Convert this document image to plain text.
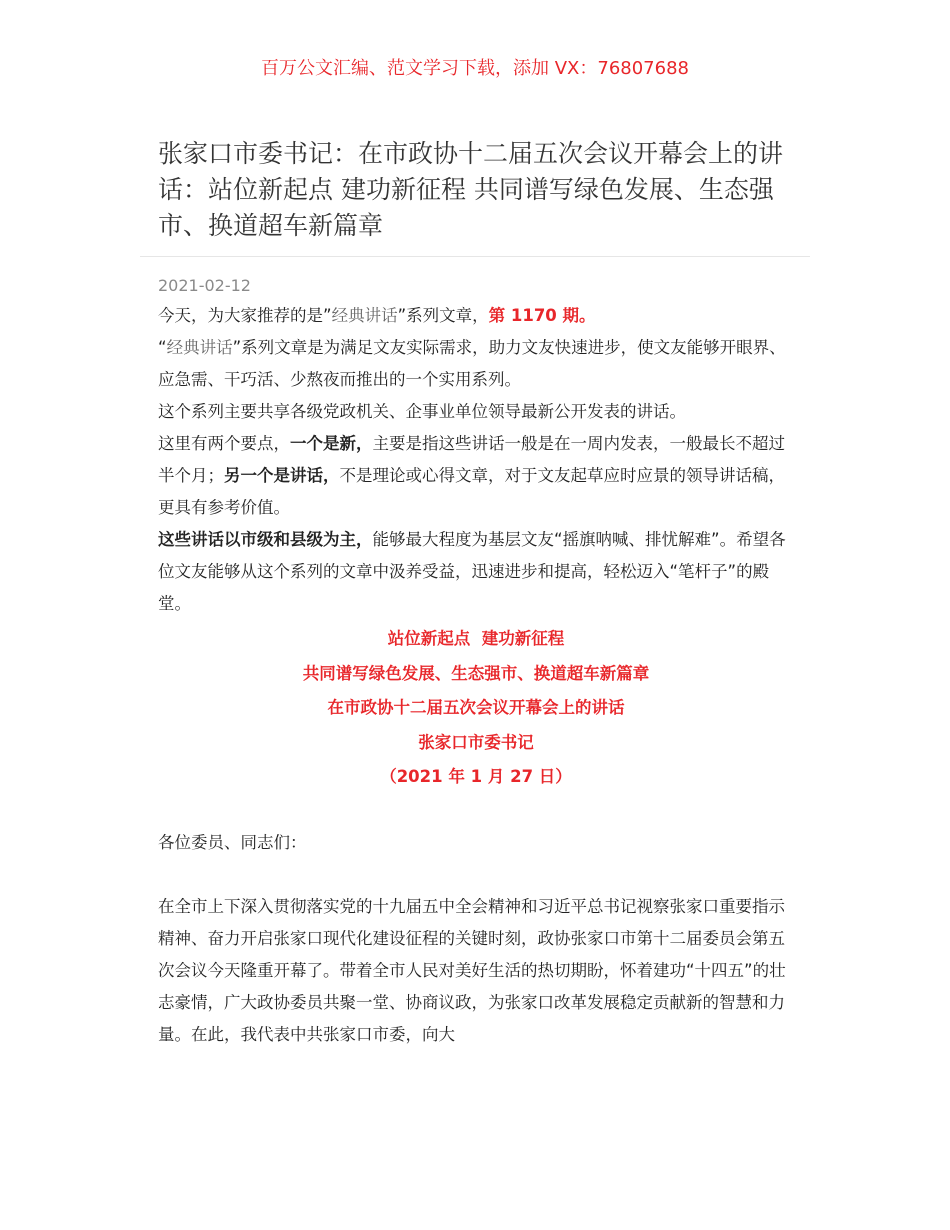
百万公文汇编、范文学习下载，添加 VX：76807688
张家口市委书记：在市政协十二届五次会议开幕会上的讲话：站位新起点 建功新征程 共同谱写绿色发展、生态强市、换道超车新篇章
2021-02-12

今天，为大家推荐的是”经典讲话”系列文章，第 1170 期。

“经典讲话”系列文章是为满足文友实际需求，助力文友快速进步，使文友能够开眼界、应急需、干巧活、少熬夜而推出的一个实用系列。

这个系列主要共享各级党政机关、企事业单位领导最新公开发表的讲话。

这里有两个要点，一个是新，主要是指这些讲话一般是在一周内发表，一般最长不超过半个月；另一个是讲话，不是理论或心得文章，对于文友起草应时应景的领导讲话稿，更具有参考价值。

这些讲话以市级和县级为主，能够最大程度为基层文友“摇旗呐喊、排忧解难”。希望各位文友能够从这个系列的文章中汲养受益，迅速进步和提高，轻松迈入“笔杆子”的殿堂。

站位新起点  建功新征程

共同谱写绿色发展、生态强市、换道超车新篇章

在市政协十二届五次会议开幕会上的讲话

张家口市委书记

（2021 年 1 月 27 日）

各位委员、同志们：

在全市上下深入贯彻落实党的十九届五中全会精神和习近平总书记视察张家口重要指示精神、奋力开启张家口现代化建设征程的关键时刻，政协张家口市第十二届委员会第五次会议今天隆重开幕了。带着全市人民对美好生活的热切期盼，怀着建功“十四五”的壮志豪情，广大政协委员共聚一堂、协商议政，为张家口改革发展稳定贡献新的智慧和力量。在此，我代表中共张家口市委，向大
